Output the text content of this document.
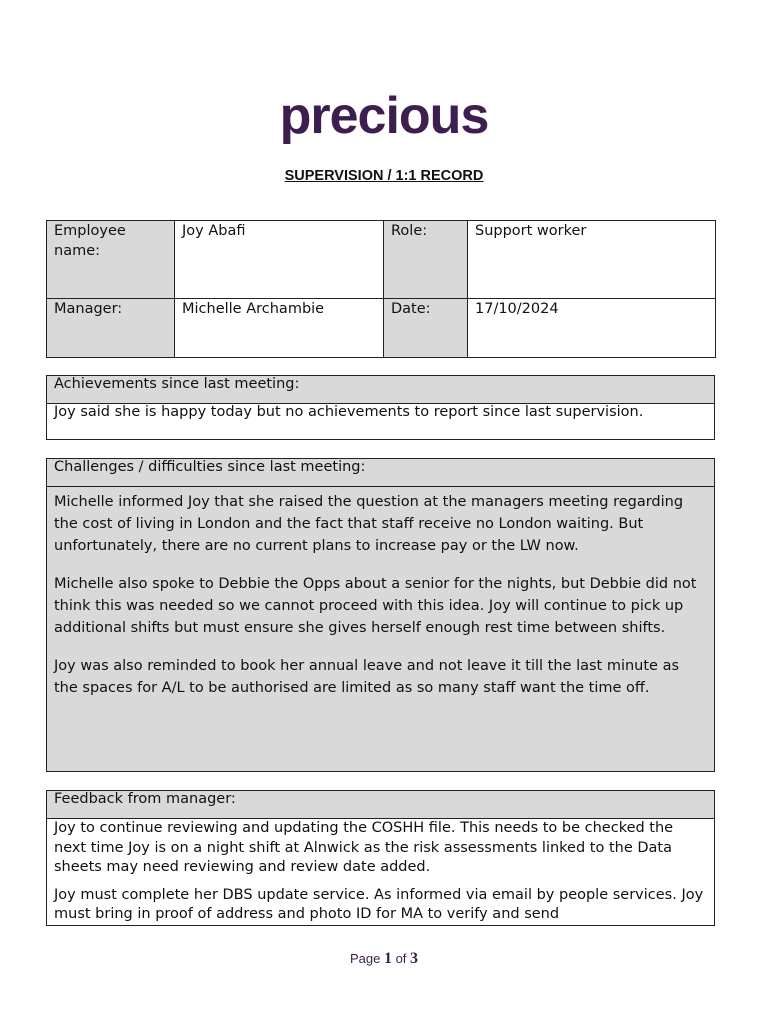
precious
SUPERVISION / 1:1 RECORD
Employee name:	Joy Abafi	Role:	Support worker

Manager:	Michelle Archambie	Date:	17/10/2024
Achievements since last meeting:

Joy said she is happy today but no achievements to report since last supervision.
Challenges / difficulties since last meeting:

Michelle informed Joy that she raised the question at the managers meeting regarding the cost of living in London and the fact that staff receive no London waiting. But unfortunately, there are no current plans to increase pay or the LW now.

Michelle also spoke to Debbie the Opps about a senior for the nights, but Debbie did not think this was needed so we cannot proceed with this idea. Joy will continue to pick up additional shifts but must ensure she gives herself enough rest time between shifts.

Joy was also reminded to book her annual leave and not leave it till the last minute as the spaces for A/L to be authorised are limited as so many staff want the time off.

Feedback from manager:

Joy to continue reviewing and updating the COSHH file. This needs to be checked the next time Joy is on a night shift at Alnwick as the risk assessments linked to the Data sheets may need reviewing and review date added.

Joy must complete her DBS update service. As informed via email by people services. Joy must bring in proof of address and photo ID for MA to verify and send

Page 1 of 3
